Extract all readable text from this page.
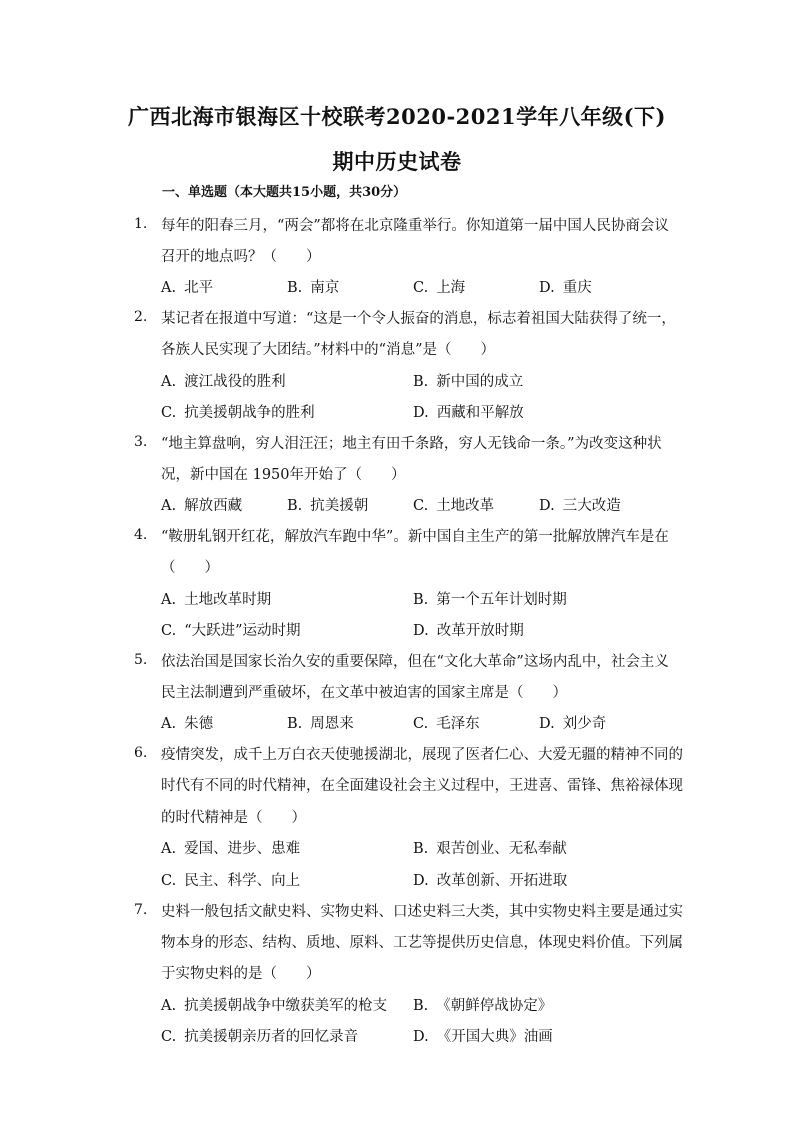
广西北海市银海区十校联考2020-2021学年八年级(下)
期中历史试卷
一、单选题（本大题共15小题，共30分）
1. 每年的阳春三月，“两会”都将在北京隆重举行。你知道第一届中国人民协商会议
召开的地点吗？（　　）
A. 北平	B. 南京	C. 上海	D. 重庆
2. 某记者在报道中写道：“这是一个令人振奋的消息，标志着祖国大陆获得了统一，
各族人民实现了大团结。”材料中的“消息”是（　　）
A. 渡江战役的胜利	B. 新中国的成立
C. 抗美援朝战争的胜利	D. 西藏和平解放
3. “地主算盘响，穷人泪汪汪；地主有田千条路，穷人无钱命一条。”为改变这种状
况，新中国在 1950年开始了（　　）
A. 解放西藏	B. 抗美援朝	C. 土地改革	D. 三大改造
4. “鞍册轧钢开红花，解放汽车跑中华”。新中国自主生产的第一批解放牌汽车是在
（　　）
A. 土地改革时期	B. 第一个五年计划时期
C. “大跃进”运动时期	D. 改革开放时期
5. 依法治国是国家长治久安的重要保障，但在“文化大革命”这场内乱中，社会主义
民主法制遭到严重破坏，在文革中被迫害的国家主席是（　　）
A. 朱德	B. 周恩来	C. 毛泽东	D. 刘少奇
6. 疫情突发，成千上万白衣天使驰援湖北，展现了医者仁心、大爱无疆的精神不同的
时代有不同的时代精神，在全面建设社会主义过程中，王进喜、雷锋、焦裕禄体现
的时代精神是（　　）
A. 爱国、进步、患难	B. 艰苦创业、无私奉献
C. 民主、科学、向上	D. 改革创新、开拓进取
7. 史料一般包括文献史料、实物史料、口述史料三大类，其中实物史料主要是通过实
物本身的形态、结构、质地、原料、工艺等提供历史信息，体现史料价值。下列属
于实物史料的是（　　）
A. 抗美援朝战争中缴获美军的枪支 B. 《朝鲜停战协定》
C. 抗美援朝亲历者的回忆录音	D. 《开国大典》油画
